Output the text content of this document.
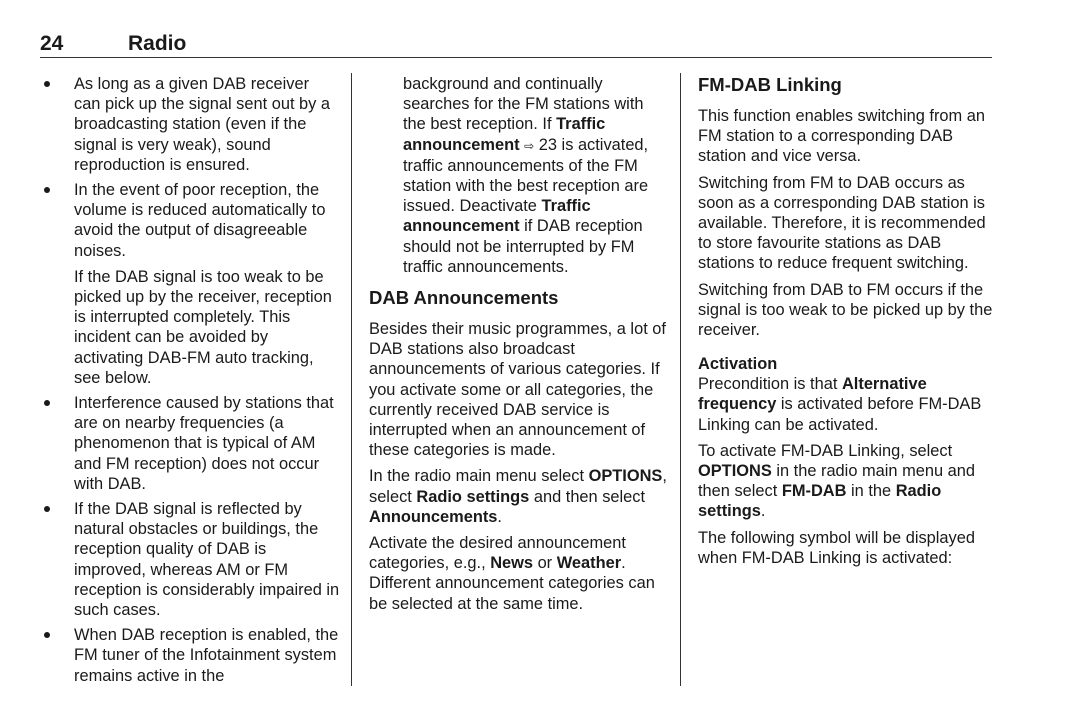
24	Radio

As long as a given DAB receiver can pick up the signal sent out by a broadcasting station (even if the signal is very weak), sound reproduction is ensured.

In the event of poor reception, the volume is reduced automatically to avoid the output of disagreeable noises.

If the DAB signal is too weak to be picked up by the receiver, reception is interrupted completely. This incident can be avoided by activating DAB-FM auto tracking, see below.

Interference caused by stations that are on nearby frequencies (a phenomenon that is typical of AM and FM reception) does not occur with DAB.

If the DAB signal is reflected by natural obstacles or buildings, the reception quality of DAB is improved, whereas AM or FM reception is considerably impaired in such cases.

When DAB reception is enabled, the FM tuner of the Infotainment system remains active in the

background and continually searches for the FM stations with the best reception. If Traffic announcement ⇨ 23 is activated, traffic announcements of the FM station with the best reception are issued. Deactivate Traffic announcement if DAB reception should not be interrupted by FM traffic announcements.

DAB Announcements

Besides their music programmes, a lot of DAB stations also broadcast announcements of various categories. If you activate some or all categories, the currently received DAB service is interrupted when an announcement of these categories is made.

In the radio main menu select OPTIONS, select Radio settings and then select Announcements.

Activate the desired announcement categories, e.g., News or Weather. Different announcement categories can be selected at the same time.

FM-DAB Linking

This function enables switching from an FM station to a corresponding DAB station and vice versa.

Switching from FM to DAB occurs as soon as a corresponding DAB station is available. Therefore, it is recommended to store favourite stations as DAB stations to reduce frequent switching.

Switching from DAB to FM occurs if the signal is too weak to be picked up by the receiver.

Activation

Precondition is that Alternative frequency is activated before FM-DAB Linking can be activated.

To activate FM-DAB Linking, select OPTIONS in the radio main menu and then select FM-DAB in the Radio settings.

The following symbol will be displayed when FM-DAB Linking is activated:
